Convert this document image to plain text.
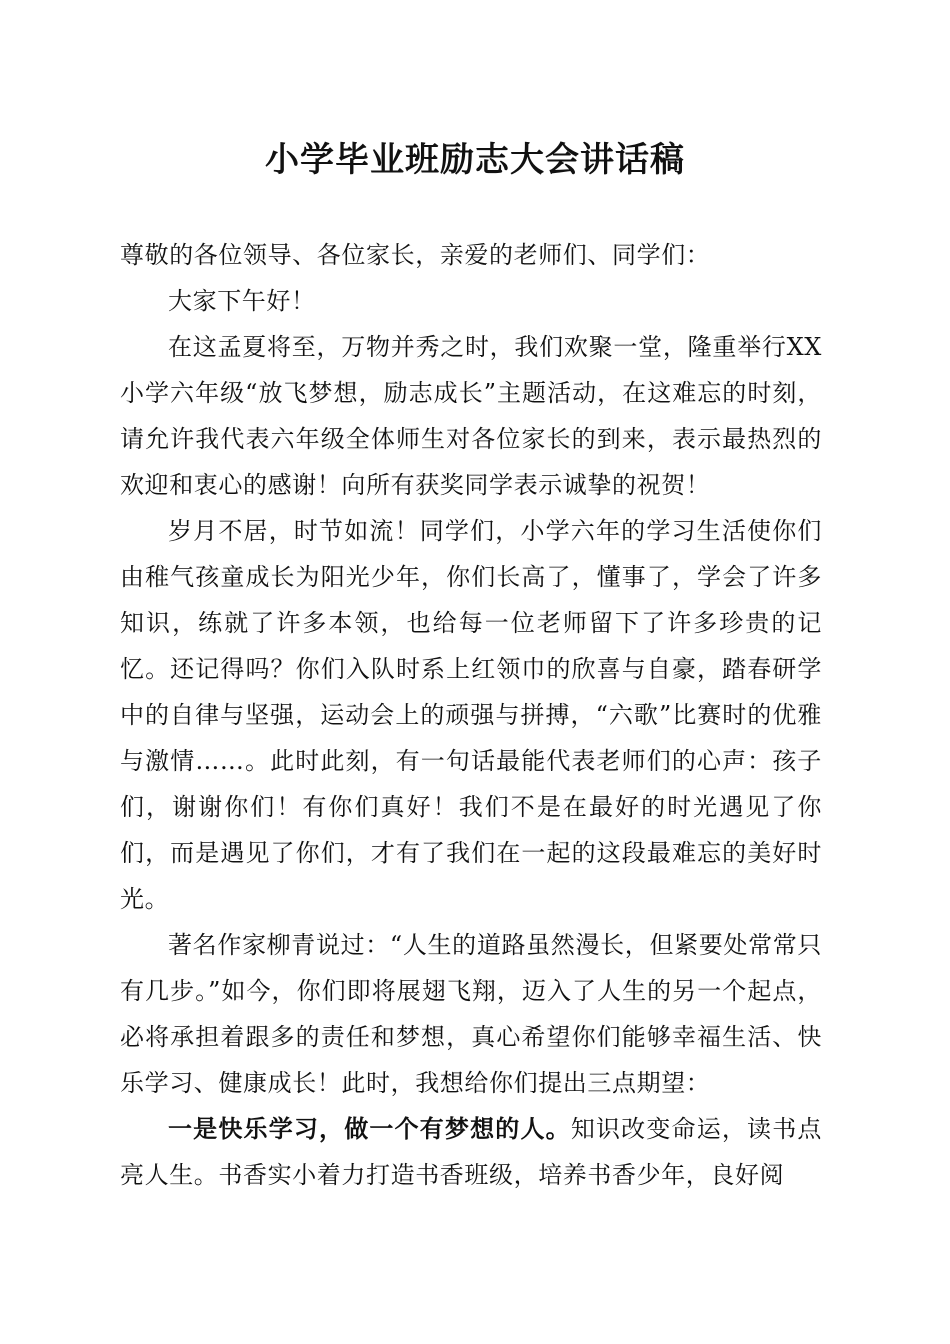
小学毕业班励志大会讲话稿

尊敬的各位领导、各位家长，亲爱的老师们、同学们：

大家下午好！

在这孟夏将至，万物并秀之时，我们欢聚一堂，隆重举行XX小学六年级“放飞梦想，励志成长”主题活动，在这难忘的时刻，请允许我代表六年级全体师生对各位家长的到来，表示最热烈的欢迎和衷心的感谢！向所有获奖同学表示诚挚的祝贺！

岁月不居，时节如流！同学们，小学六年的学习生活使你们由稚气孩童成长为阳光少年，你们长高了，懂事了，学会了许多知识，练就了许多本领，也给每一位老师留下了许多珍贵的记忆。还记得吗？你们入队时系上红领巾的欣喜与自豪，踏春研学中的自律与坚强，运动会上的顽强与拼搏，“六歌”比赛时的优雅与激情……。此时此刻，有一句话最能代表老师们的心声：孩子们，谢谢你们！有你们真好！我们不是在最好的时光遇见了你们，而是遇见了你们，才有了我们在一起的这段最难忘的美好时光。

著名作家柳青说过：“人生的道路虽然漫长，但紧要处常常只有几步。”如今，你们即将展翅飞翔，迈入了人生的另一个起点，必将承担着跟多的责任和梦想，真心希望你们能够幸福生活、快乐学习、健康成长！此时，我想给你们提出三点期望：

一是快乐学习，做一个有梦想的人。知识改变命运，读书点亮人生。书香实小着力打造书香班级，培养书香少年，良好阅
